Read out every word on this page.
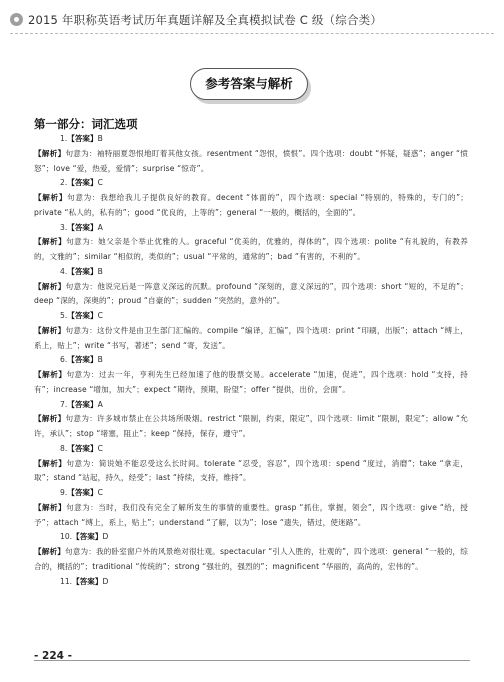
2015 年职称英语考试历年真题详解及全真模拟试卷 C 级（综合类）
参考答案与解析
第一部分：词汇选项
1.【答案】B
【解析】句意为：袖特丽夏怨恨地盯着其他女孩。resentment “怨恨，愤恨”。四个选项：doubt “怀疑，疑惑”；anger “愤怒”；love “爱，热爱，爱情”；surprise “惊奇”。
2.【答案】C
【解析】句意为：我想给我儿子提供良好的教育。decent “体面的”，四个选项：special “特别的，特殊的，专门的”；private “私人的，私有的”；good “优良的，上等的”；general “一般的，概括的，全面的”。
3.【答案】A
【解析】句意为：她父亲是个举止优雅的人。graceful “优美的，优雅的，得体的”，四个选项：polite “有礼貌的，有教养的，文雅的”；similar “相似的，类似的”；usual “平常的，通常的”；bad “有害的，不利的”。
4.【答案】B
【解析】句意为：他说完后是一阵意义深远的沉默。profound “深刻的，意义深远的”，四个选项：short “短的，不足的”；deep “深的，深奥的”；proud “自豪的”；sudden “突然的，意外的”。
5.【答案】C
【解析】句意为：这份文件是由卫生部门汇编的。compile “编译，汇编”，四个选项：print “印刷，出版”；attach “缚上，系上，贴上”；write “书写，著述”；send “寄，发送”。
6.【答案】B
【解析】句意为：过去一年，亨利先生已经加速了他的股票交易。accelerate “加速，促进”，四个选项：hold “支持，持有”；increase “增加，加大”；expect “期待，预期，盼望”；offer “提供，出价，会面”。
7.【答案】A
【解析】句意为：许多城市禁止在公共场所吸烟。restrict “限制，约束，限定”，四个选项：limit “限制，限定”；allow “允许，承认”；stop “堵塞，阻止”；keep “保持，保存，遵守”。
8.【答案】C
【解析】句意为：简说她不能忍受这么长时间。tolerate “忍受，容忍”，四个选项：spend “度过，消磨”；take “拿走，取”；stand “站起，持久，经受”；last “持续，支持，维持”。
9.【答案】C
【解析】句意为：当时，我们没有完全了解所发生的事情的重要性。grasp “抓住，掌握，领会”，四个选项：give “给，授予”；attach “缚上，系上，贴上”；understand “了解，以为”；lose “遗失，错过，使迷路”。
10.【答案】D
【解析】句意为：我的卧室窗户外的风景绝对很壮观。spectacular “引人入胜的，壮观的”，四个选项：general “一般的，综合的，概括的”；traditional “传统的”；strong “强壮的，强烈的”；magnificent “华丽的，高尚的，宏伟的”。
11.【答案】D
- 224 -
